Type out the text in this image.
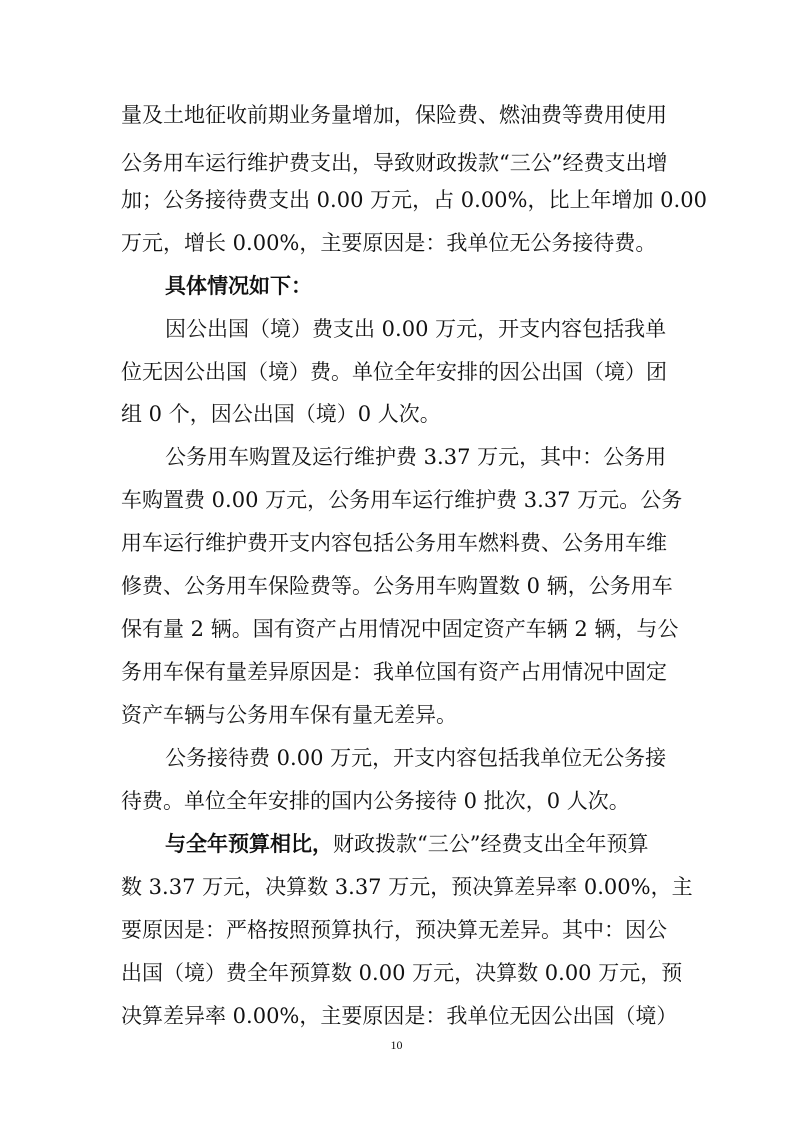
量及土地征收前期业务量增加，保险费、燃油费等费用使用
公务用车运行维护费支出，导致财政拨款“三公”经费支出增
加；公务接待费支出 0.00 万元，占 0.00%，比上年增加 0.00
万元，增长 0.00%，主要原因是：我单位无公务接待费。
具体情况如下：
因公出国（境）费支出 0.00 万元，开支内容包括我单
位无因公出国（境）费。单位全年安排的因公出国（境）团
组 0 个，因公出国（境）0 人次。
公务用车购置及运行维护费 3.37 万元，其中：公务用
车购置费 0.00 万元，公务用车运行维护费 3.37 万元。公务
用车运行维护费开支内容包括公务用车燃料费、公务用车维
修费、公务用车保险费等。公务用车购置数 0 辆，公务用车
保有量 2 辆。国有资产占用情况中固定资产车辆 2 辆，与公
务用车保有量差异原因是：我单位国有资产占用情况中固定
资产车辆与公务用车保有量无差异。
公务接待费 0.00 万元，开支内容包括我单位无公务接
待费。单位全年安排的国内公务接待 0 批次，0 人次。
与全年预算相比，财政拨款“三公”经费支出全年预算
数 3.37 万元，决算数 3.37 万元，预决算差异率 0.00%，主
要原因是：严格按照预算执行，预决算无差异。其中：因公
出国（境）费全年预算数 0.00 万元，决算数 0.00 万元，预
决算差异率 0.00%，主要原因是：我单位无因公出国（境）
10
